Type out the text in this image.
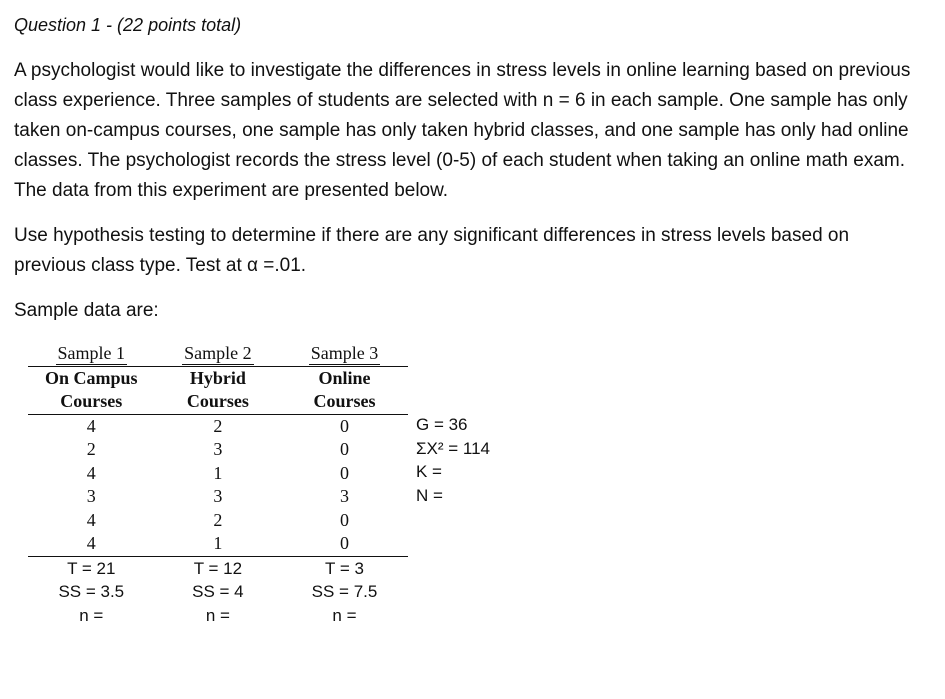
Question 1 - (22 points total)
A psychologist would like to investigate the differences in stress levels in online learning based on previous class experience. Three samples of students are selected with n = 6 in each sample. One sample has only taken on-campus courses, one sample has only taken hybrid classes, and one sample has only had online classes. The psychologist records the stress level (0-5) of each student when taking an online math exam. The data from this experiment are presented below.
Use hypothesis testing to determine if there are any significant differences in stress levels based on previous class type. Test at α =.01.
Sample data are:
Sample 1	Sample 2	Sample 3
On Campus	Hybrid	Online
Courses	Courses	Courses
4	2	0
2	3	0
4	1	0
3	3	3
4	2	0
4	1	0
T = 21	T = 12	T = 3
SS = 3.5	SS = 4	SS = 7.5
n =	n =	n =
G = 36
ΣX² = 114
K =
N =
